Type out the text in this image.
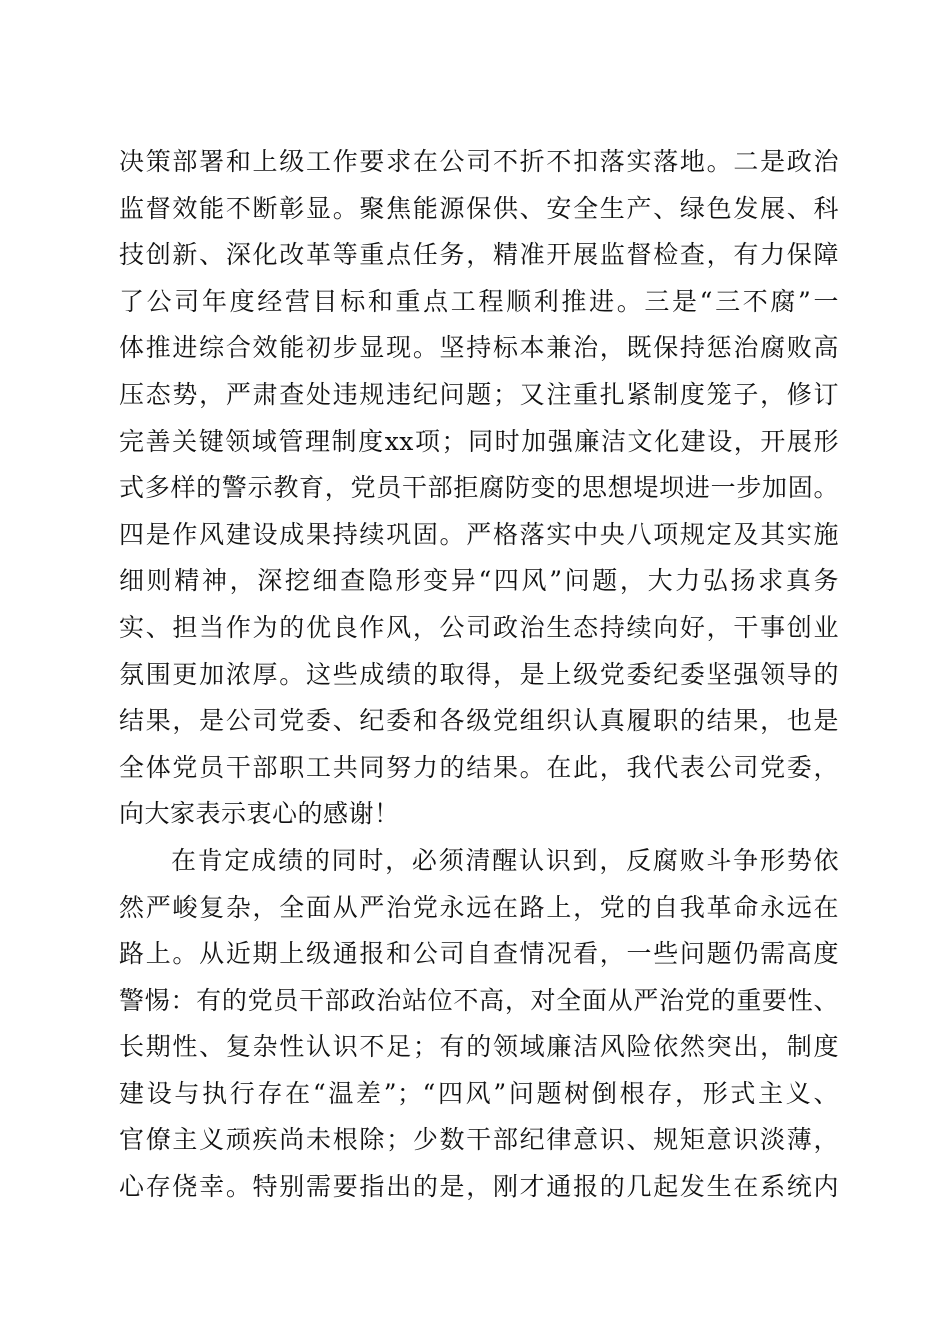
决策部署和上级工作要求在公司不折不扣落实落地。二是政治
监督效能不断彰显。聚焦能源保供、安全生产、绿色发展、科
技创新、深化改革等重点任务，精准开展监督检查，有力保障
了公司年度经营目标和重点工程顺利推进。三是“三不腐”一
体推进综合效能初步显现。坚持标本兼治，既保持惩治腐败高
压态势，严肃查处违规违纪问题；又注重扎紧制度笼子，修订
完善关键领域管理制度xx项；同时加强廉洁文化建设，开展形
式多样的警示教育，党员干部拒腐防变的思想堤坝进一步加固。
四是作风建设成果持续巩固。严格落实中央八项规定及其实施
细则精神，深挖细查隐形变异“四风”问题，大力弘扬求真务
实、担当作为的优良作风，公司政治生态持续向好，干事创业
氛围更加浓厚。这些成绩的取得，是上级党委纪委坚强领导的
结果，是公司党委、纪委和各级党组织认真履职的结果，也是
全体党员干部职工共同努力的结果。在此，我代表公司党委，
向大家表示衷心的感谢！
在肯定成绩的同时，必须清醒认识到，反腐败斗争形势依
然严峻复杂，全面从严治党永远在路上，党的自我革命永远在
路上。从近期上级通报和公司自查情况看，一些问题仍需高度
警惕：有的党员干部政治站位不高，对全面从严治党的重要性、
长期性、复杂性认识不足；有的领域廉洁风险依然突出，制度
建设与执行存在“温差”；“四风”问题树倒根存，形式主义、
官僚主义顽疾尚未根除；少数干部纪律意识、规矩意识淡薄，
心存侥幸。特别需要指出的是，刚才通报的几起发生在系统内
